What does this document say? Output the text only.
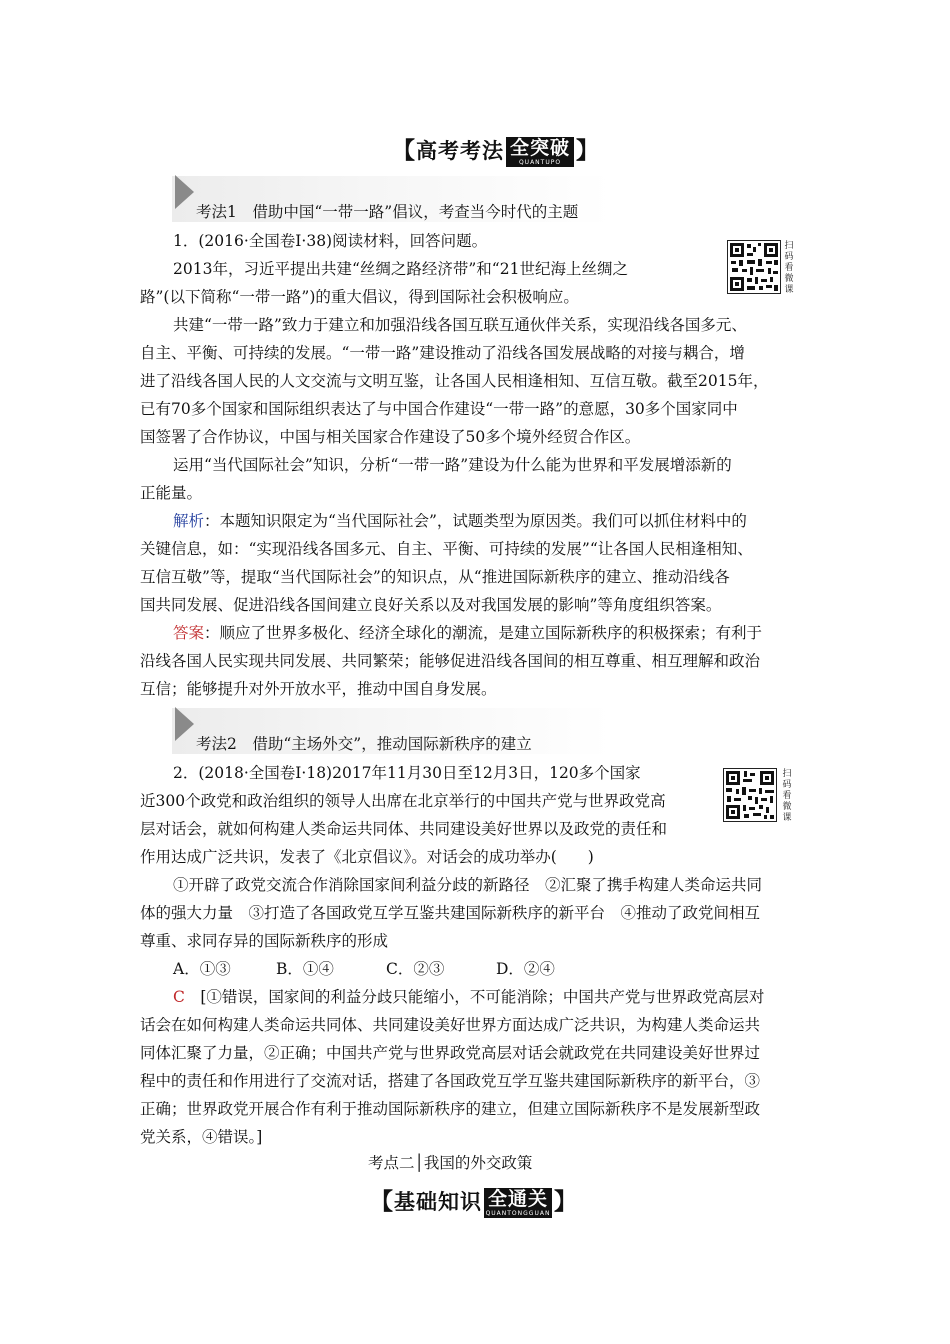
【高考考法 全突破
QUANTUPO 】
考法1　借助中国“一带一路”倡议，考查当今时代的主题
1．(2016·全国卷Ⅰ·38)阅读材料，回答问题。	扫
码
看
微
课
2013年，习近平提出共建“丝绸之路经济带”和“21世纪海上丝绸之
路”(以下简称“一带一路”)的重大倡议，得到国际社会积极响应。
共建“一带一路”致力于建立和加强沿线各国互联互通伙伴关系，实现沿线各国多元、
自主、平衡、可持续的发展。“一带一路”建设推动了沿线各国发展战略的对接与耦合，增
进了沿线各国人民的人文交流与文明互鉴，让各国人民相逢相知、互信互敬。截至2015年，
已有70多个国家和国际组织表达了与中国合作建设“一带一路”的意愿，30多个国家同中
国签署了合作协议，中国与相关国家合作建设了50多个境外经贸合作区。
运用“当代国际社会”知识，分析“一带一路”建设为什么能为世界和平发展增添新的
正能量。
解析：本题知识限定为“当代国际社会”，试题类型为原因类。我们可以抓住材料中的
关键信息，如：“实现沿线各国多元、自主、平衡、可持续的发展”“让各国人民相逢相知、
互信互敬”等，提取“当代国际社会”的知识点，从“推进国际新秩序的建立、推动沿线各
国共同发展、促进沿线各国间建立良好关系以及对我国发展的影响”等角度组织答案。
答案：顺应了世界多极化、经济全球化的潮流，是建立国际新秩序的积极探索；有利于
沿线各国人民实现共同发展、共同繁荣；能够促进沿线各国间的相互尊重、相互理解和政治
互信；能够提升对外开放水平，推动中国自身发展。
考法2　借助“主场外交”，推动国际新秩序的建立
扫
码
看
微
课
2．(2018·全国卷Ⅰ·18)2017年11月30日至12月3日，120多个国家
近300个政党和政治组织的领导人出席在北京举行的中国共产党与世界政党高
层对话会，就如何构建人类命运共同体、共同建设美好世界以及政党的责任和
作用达成广泛共识，发表了《北京倡议》。对话会的成功举办(　　)
①开辟了政党交流合作消除国家间利益分歧的新路径　②汇聚了携手构建人类命运共同
体的强大力量　③打造了各国政党互学互鉴共建国际新秩序的新平台　④推动了政党间相互
尊重、求同存异的国际新秩序的形成
A．①③	B．①④	C．②③	D．②④
C　[①错误，国家间的利益分歧只能缩小，不可能消除；中国共产党与世界政党高层对
话会在如何构建人类命运共同体、共同建设美好世界方面达成广泛共识，为构建人类命运共
同体汇聚了力量，②正确；中国共产党与世界政党高层对话会就政党在共同建设美好世界过
程中的责任和作用进行了交流对话，搭建了各国政党互学互鉴共建国际新秩序的新平台，③
正确；世界政党开展合作有利于推动国际新秩序的建立，但建立国际新秩序不是发展新型政
党关系，④错误。]
考点二│我国的外交政策
【基础知识 全通关
QUANTONGGUAN 】
